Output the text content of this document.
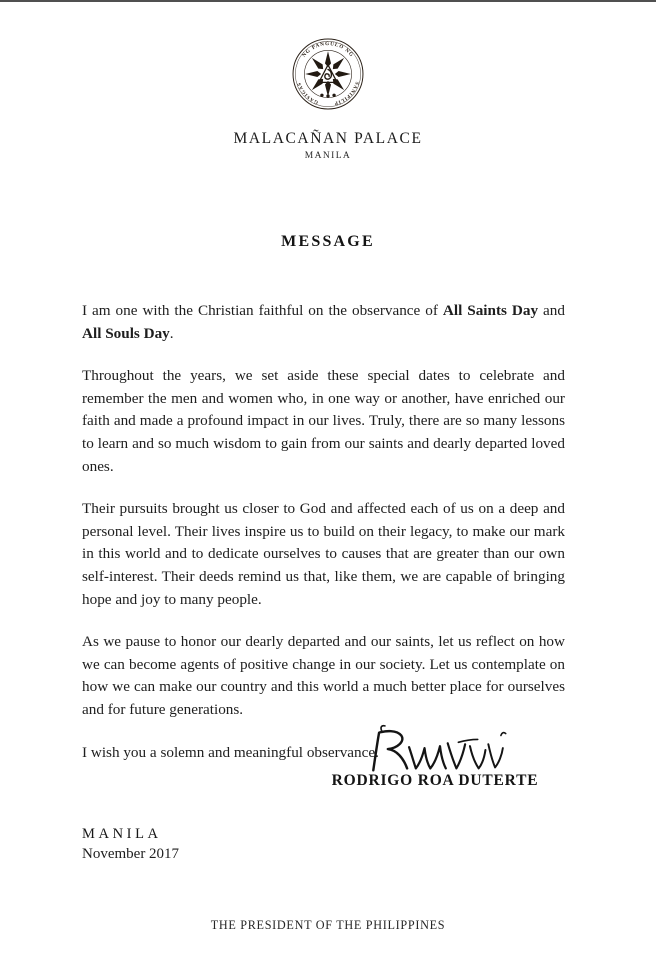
NG PANGULO NG
SANIPILIP
GASIGAS
MALACAÑAN PALACE
MANILA
MESSAGE

I am one with the Christian faithful on the observance of All Saints Day and All Souls Day.

Throughout the years, we set aside these special dates to celebrate and remember the men and women who, in one way or another, have enriched our faith and made a profound impact in our lives. Truly, there are so many lessons to learn and so much wisdom to gain from our saints and dearly departed loved ones.

Their pursuits brought us closer to God and affected each of us on a deep and personal level. Their lives inspire us to build on their legacy, to make our mark in this world and to dedicate ourselves to causes that are greater than our own self-interest. Their deeds remind us that, like them, we are capable of bringing hope and joy to many people.

As we pause to honor our dearly departed and our saints, let us reflect on how we can become agents of positive change in our society. Let us contemplate on how we can make our country and this world a much better place for ourselves and for future generations.

I wish you a solemn and meaningful observance.

RODRIGO ROA DUTERTE
MANILA
November 2017
THE PRESIDENT OF THE PHILIPPINES
